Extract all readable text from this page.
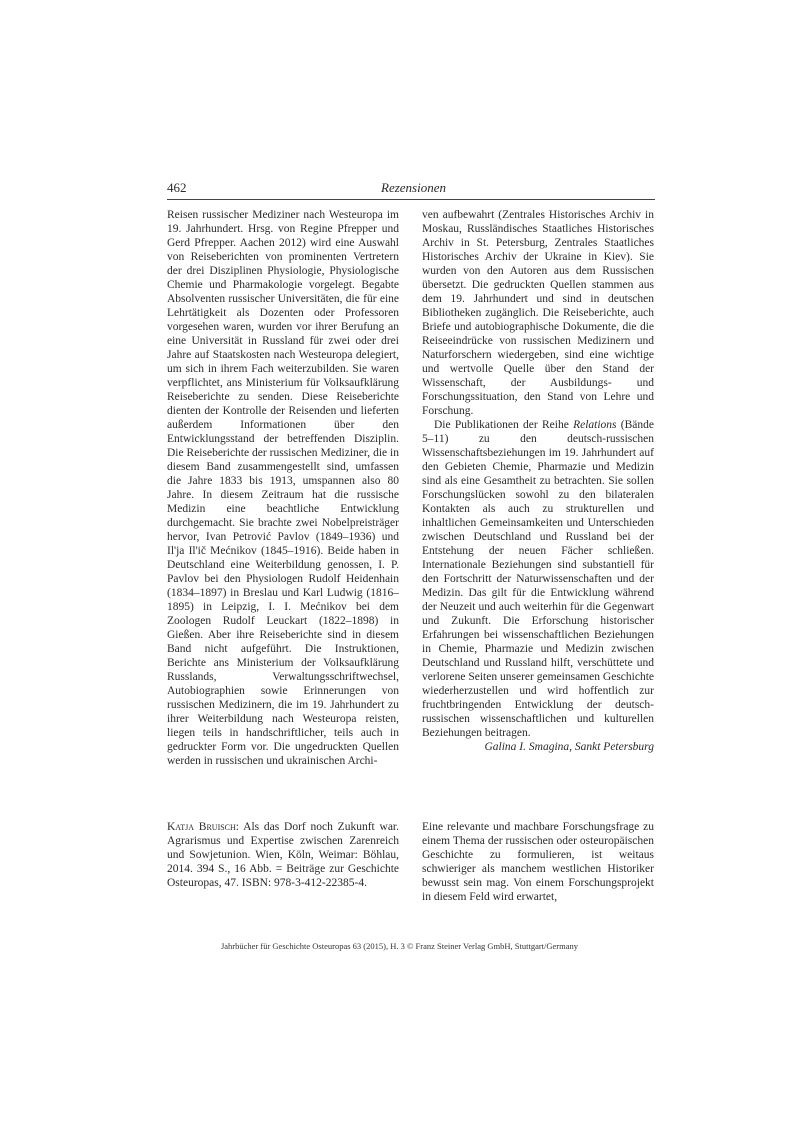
462	Rezensionen

Reisen russischer Mediziner nach Westeuropa im 19. Jahrhundert. Hrsg. von Regine Pfrepper und Gerd Pfrepper. Aachen 2012) wird eine Auswahl von Reiseberichten von prominenten Vertretern der drei Disziplinen Physiologie, Physiologische Chemie und Pharmakologie vorgelegt. Begabte Absolventen russischer Universitäten, die für eine Lehrtätigkeit als Dozenten oder Professoren vorgesehen waren, wurden vor ihrer Berufung an eine Universität in Russland für zwei oder drei Jahre auf Staatskosten nach Westeuropa delegiert, um sich in ihrem Fach weiterzubilden. Sie waren verpflichtet, ans Ministerium für Volksaufklärung Reiseberichte zu senden. Diese Reiseberichte dienten der Kontrolle der Reisenden und lieferten außerdem Informationen über den Entwicklungsstand der betreffenden Disziplin. Die Reiseberichte der russischen Mediziner, die in diesem Band zusammengestellt sind, umfassen die Jahre 1833 bis 1913, umspannen also 80 Jahre. In diesem Zeitraum hat die russische Medizin eine beachtliche Entwicklung durchgemacht. Sie brachte zwei Nobelpreisträger hervor, Ivan Petrović Pavlov (1849–1936) und Il'ja Il'ič Mećnikov (1845–1916). Beide haben in Deutschland eine Weiterbildung genossen, I. P. Pavlov bei den Physiologen Rudolf Heidenhain (1834–1897) in Breslau und Karl Ludwig (1816–1895) in Leipzig, I. I. Mećnikov bei dem Zoologen Rudolf Leuckart (1822–1898) in Gießen. Aber ihre Reiseberichte sind in diesem Band nicht aufgeführt. Die Instruktionen, Berichte ans Ministerium der Volksaufklärung Russlands, Verwaltungsschriftwechsel, Autobiographien sowie Erinnerungen von russischen Medizinern, die im 19. Jahrhundert zu ihrer Weiterbildung nach Westeuropa reisten, liegen teils in handschriftlicher, teils auch in gedruckter Form vor. Die ungedruckten Quellen werden in russischen und ukrainischen Archi-

ven aufbewahrt (Zentrales Historisches Archiv in Moskau, Russländisches Staatliches Historisches Archiv in St. Petersburg, Zentrales Staatliches Historisches Archiv der Ukraine in Kiev). Sie wurden von den Autoren aus dem Russischen übersetzt. Die gedruckten Quellen stammen aus dem 19. Jahrhundert und sind in deutschen Bibliotheken zugänglich. Die Reiseberichte, auch Briefe und autobiographische Dokumente, die die Reiseeindrücke von russischen Medizinern und Naturforschern wiedergeben, sind eine wichtige und wertvolle Quelle über den Stand der Wissenschaft, der Ausbildungs- und Forschungssituation, den Stand von Lehre und Forschung.

Die Publikationen der Reihe Relations (Bände 5–11) zu den deutsch-russischen Wissenschaftsbeziehungen im 19. Jahrhundert auf den Gebieten Chemie, Pharmazie und Medizin sind als eine Gesamtheit zu betrachten. Sie sollen Forschungslücken sowohl zu den bilateralen Kontakten als auch zu strukturellen und inhaltlichen Gemeinsamkeiten und Unterschieden zwischen Deutschland und Russland bei der Entstehung der neuen Fächer schließen. Internationale Beziehungen sind substantiell für den Fortschritt der Naturwissenschaften und der Medizin. Das gilt für die Entwicklung während der Neuzeit und auch weiterhin für die Gegenwart und Zukunft. Die Erforschung historischer Erfahrungen bei wissenschaftlichen Beziehungen in Chemie, Pharmazie und Medizin zwischen Deutschland und Russland hilft, verschüttete und verlorene Seiten unserer gemeinsamen Geschichte wiederherzustellen und wird hoffentlich zur fruchtbringenden Entwicklung der deutsch-russischen wissenschaftlichen und kulturellen Beziehungen beitragen.

Galina I. Smagina, Sankt Petersburg

Katja Bruisch: Als das Dorf noch Zukunft war. Agrarismus und Expertise zwischen Zarenreich und Sowjetunion. Wien, Köln, Weimar: Böhlau, 2014. 394 S., 16 Abb. = Beiträge zur Geschichte Osteuropas, 47. ISBN: 978-3-412-22385-4.

Eine relevante und machbare Forschungsfrage zu einem Thema der russischen oder osteuropäischen Geschichte zu formulieren, ist weitaus schwieriger als manchem westlichen Historiker bewusst sein mag. Von einem Forschungsprojekt in diesem Feld wird erwartet,

Jahrbücher für Geschichte Osteuropas 63 (2015), H. 3 © Franz Steiner Verlag GmbH, Stuttgart/Germany
